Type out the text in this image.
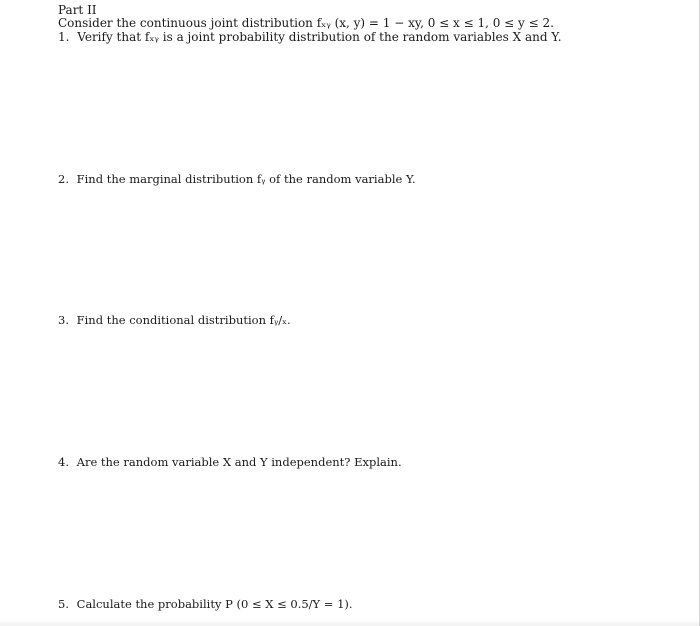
Part II
Consider the continuous joint distribution fₓᵧ (x, y) = 1 − xy, 0 ≤ x ≤ 1, 0 ≤ y ≤ 2.
1. Verify that fₓᵧ is a joint probability distribution of the random variables X and Y.
2. Find the marginal distribution fᵧ of the random variable Y.
3. Find the conditional distribution fᵧ/ₓ.
4. Are the random variable X and Y independent? Explain.
5. Calculate the probability P (0 ≤ X ≤ 0.5/Y = 1).
